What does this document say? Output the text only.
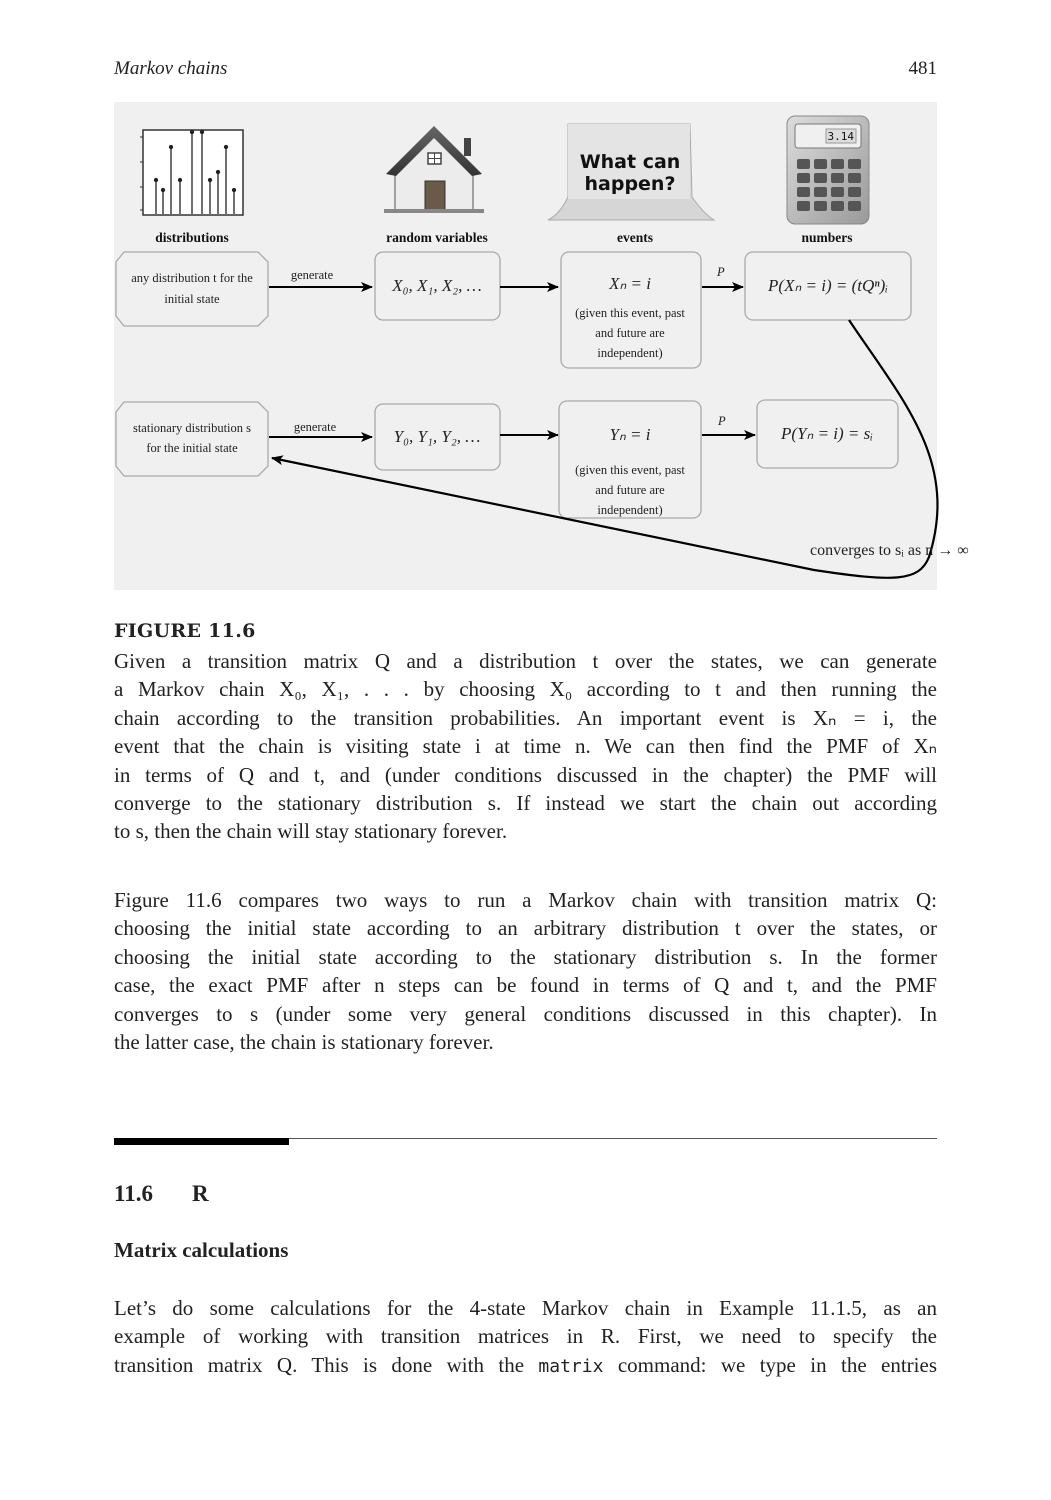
Markov chains	481
What can
happen?
3.14
distributions	random variables	events	numbers
any distribution t for the
initial state
generate
X₀, X₁, X₂, …	Xₙ = i
(given this event, past
and future are
independent)
P
P(Xₙ = i) = (tQⁿ)ᵢ
stationary distribution s
for the initial state
generate	Y₀, Y₁, Y₂, …	Yₙ = i
(given this event, past
and future are
independent)
P
P(Yₙ = i) = sᵢ
converges to sᵢ as n → ∞
FIGURE 11.6
Given a transition matrix Q and a distribution t over the states, we can generate
a Markov chain X₀, X₁, . . . by choosing X₀ according to t and then running the
chain according to the transition probabilities. An important event is Xₙ = i, the
event that the chain is visiting state i at time n. We can then find the PMF of Xₙ
in terms of Q and t, and (under conditions discussed in the chapter) the PMF will
converge to the stationary distribution s. If instead we start the chain out according
to s, then the chain will stay stationary forever.
Figure 11.6 compares two ways to run a Markov chain with transition matrix Q:
choosing the initial state according to an arbitrary distribution t over the states, or
choosing the initial state according to the stationary distribution s. In the former
case, the exact PMF after n steps can be found in terms of Q and t, and the PMF
converges to s (under some very general conditions discussed in this chapter). In
the latter case, the chain is stationary forever.
11.6 R
Matrix calculations
Let’s do some calculations for the 4-state Markov chain in Example 11.1.5, as an
example of working with transition matrices in R. First, we need to specify the
transition matrix Q. This is done with the matrix command: we type in the entries
